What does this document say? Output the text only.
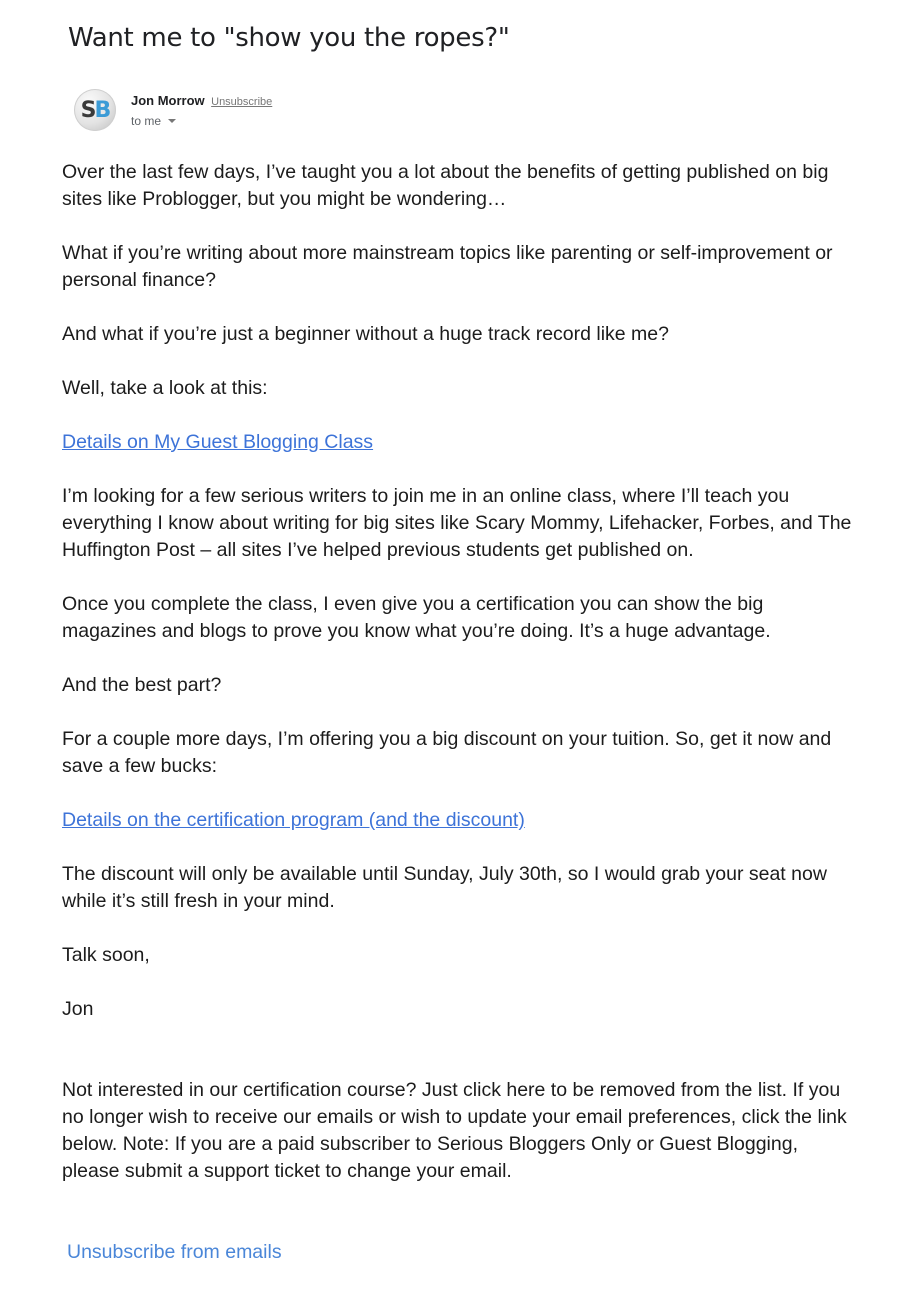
Want me to "show you the ropes?"
S B Jon Morrow Unsubscribe
to me

Over the last few days, I’ve taught you a lot about the benefits of getting published on big sites like Problogger, but you might be wondering…

What if you’re writing about more mainstream topics like parenting or self-improvement or personal finance?

And what if you’re just a beginner without a huge track record like me?

Well, take a look at this:

Details on My Guest Blogging Class

I’m looking for a few serious writers to join me in an online class, where I’ll teach you everything I know about writing for big sites like Scary Mommy, Lifehacker, Forbes, and The Huffington Post – all sites I’ve helped previous students get published on.

Once you complete the class, I even give you a certification you can show the big magazines and blogs to prove you know what you’re doing. It’s a huge advantage.

And the best part?

For a couple more days, I’m offering you a big discount on your tuition. So, get it now and save a few bucks:

Details on the certification program (and the discount)

The discount will only be available until Sunday, July 30th, so I would grab your seat now while it’s still fresh in your mind.

Talk soon,

Jon

Not interested in our certification course? Just click here to be removed from the list. If you no longer wish to receive our emails or wish to update your email preferences, click the link below. Note: If you are a paid subscriber to Serious Bloggers Only or Guest Blogging, please submit a support ticket to change your email.

Unsubscribe from emails
